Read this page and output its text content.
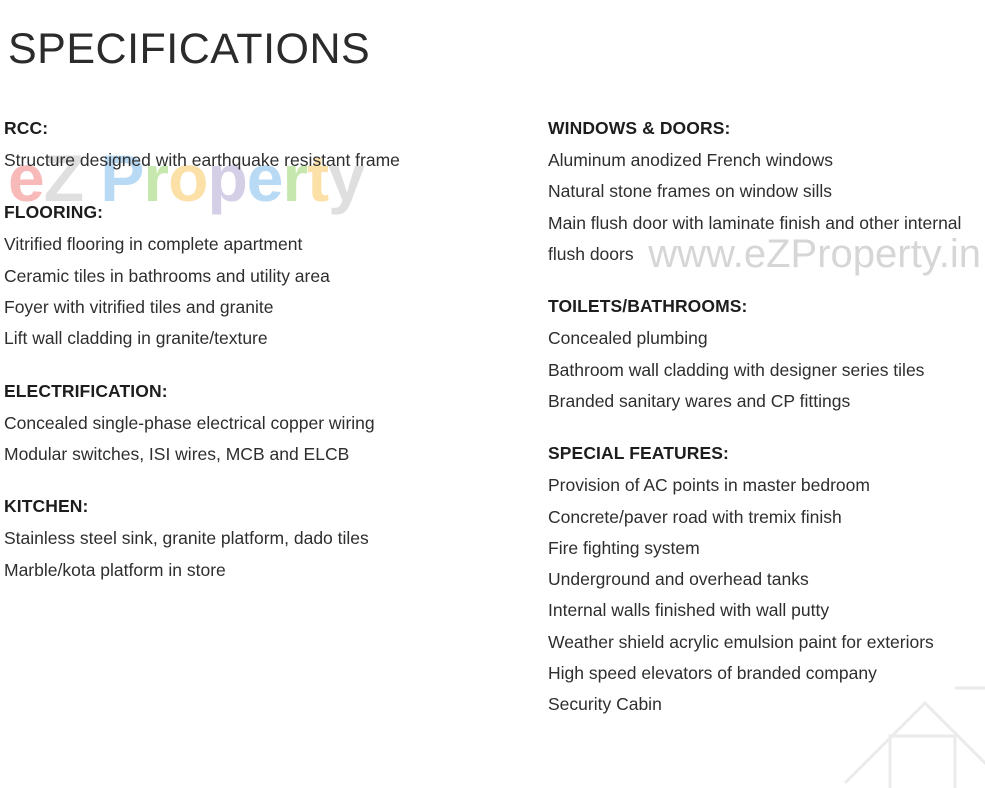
eZ Property
www.eZProperty.in
SPECIFICATIONS
RCC:
Structure designed with earthquake resistant frame
FLOORING:
Vitrified flooring in complete apartment
Ceramic tiles in bathrooms and utility area
Foyer with vitrified tiles and granite
Lift wall cladding in granite/texture
ELECTRIFICATION:
Concealed single-phase electrical copper wiring
Modular switches, ISI wires, MCB and ELCB
KITCHEN:
Stainless steel sink, granite platform, dado tiles
Marble/kota platform in store
WINDOWS & DOORS:
Aluminum anodized French windows
Natural stone frames on window sills
Main flush door with laminate finish and other internal flush doors
TOILETS/BATHROOMS:
Concealed plumbing
Bathroom wall cladding with designer series tiles
Branded sanitary wares and CP fittings
SPECIAL FEATURES:
Provision of AC points in master bedroom
Concrete/paver road with tremix finish
Fire fighting system
Underground and overhead tanks
Internal walls finished with wall putty
Weather shield acrylic emulsion paint for exteriors
High speed elevators of branded company
Security Cabin
